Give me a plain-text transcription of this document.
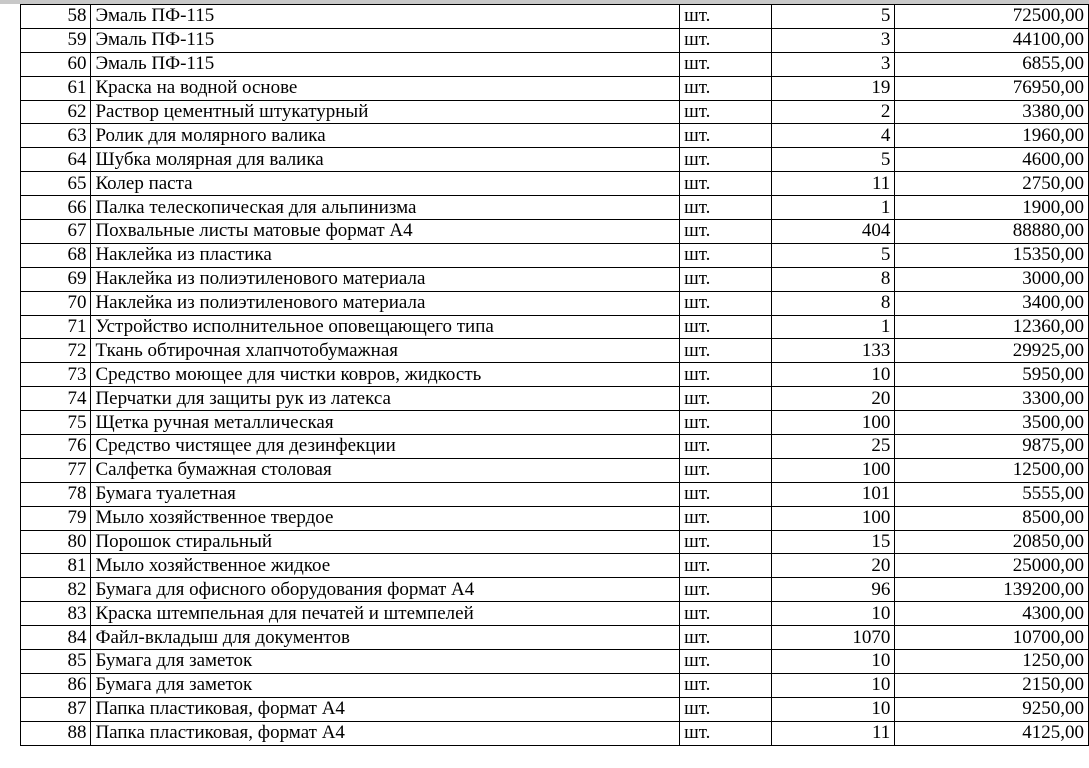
58	Эмаль ПФ-115	шт.	5	72500,00
59	Эмаль ПФ-115	шт.	3	44100,00
60	Эмаль ПФ-115	шт.	3	6855,00
61	Краска на водной основе	шт.	19	76950,00
62	Раствор цементный штукатурный	шт.	2	3380,00
63	Ролик для молярного валика	шт.	4	1960,00
64	Шубка молярная для валика	шт.	5	4600,00
65	Колер паста	шт.	11	2750,00
66	Палка телескопическая для альпинизма	шт.	1	1900,00
67	Похвальные листы матовые формат А4	шт.	404	88880,00
68	Наклейка из пластика	шт.	5	15350,00
69	Наклейка из полиэтиленового материала	шт.	8	3000,00
70	Наклейка из полиэтиленового материала	шт.	8	3400,00
71	Устройство исполнительное оповещающего типа	шт.	1	12360,00
72	Ткань обтирочная хлапчотобумажная	шт.	133	29925,00
73	Средство моющее для чистки ковров, жидкость	шт.	10	5950,00
74	Перчатки для защиты рук из латекса	шт.	20	3300,00
75	Щетка ручная металлическая	шт.	100	3500,00
76	Средство чистящее для дезинфекции	шт.	25	9875,00
77	Салфетка бумажная столовая	шт.	100	12500,00
78	Бумага туалетная	шт.	101	5555,00
79	Мыло хозяйственное твердое	шт.	100	8500,00
80	Порошок стиральный	шт.	15	20850,00
81	Мыло хозяйственное жидкое	шт.	20	25000,00
82	Бумага для офисного оборудования формат А4	шт.	96	139200,00
83	Краска штемпельная для печатей и штемпелей	шт.	10	4300,00
84	Файл-вкладыш для документов	шт.	1070	10700,00
85	Бумага для заметок	шт.	10	1250,00
86	Бумага для заметок	шт.	10	2150,00
87	Папка пластиковая, формат А4	шт.	10	9250,00
88	Папка пластиковая, формат А4	шт.	11	4125,00
